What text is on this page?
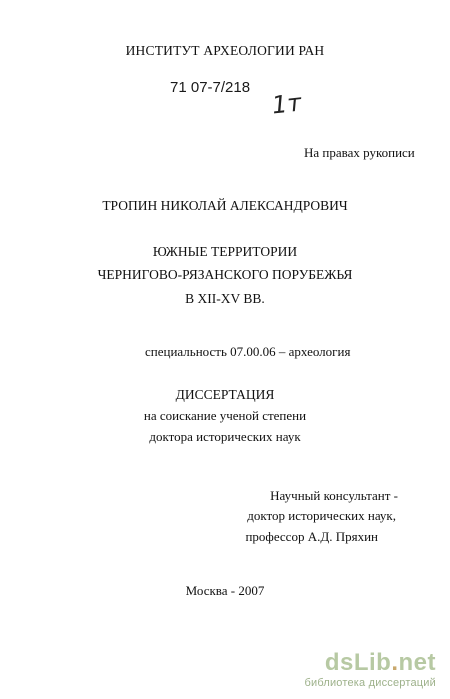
ИНСТИТУТ АРХЕОЛОГИИ РАН
71 07-7/218
1т
На правах рукописи
ТРОПИН НИКОЛАЙ АЛЕКСАНДРОВИЧ
ЮЖНЫЕ ТЕРРИТОРИИ
ЧЕРНИГОВО-РЯЗАНСКОГО ПОРУБЕЖЬЯ
В XII-XV ВВ.
специальность 07.00.06 – археология
ДИССЕРТАЦИЯ
на соискание ученой степени
доктора исторических наук
Научный консультант -
доктор исторических наук,
профессор А.Д. Пряхин
Москва - 2007
dsLib.net
библиотека диссертаций
